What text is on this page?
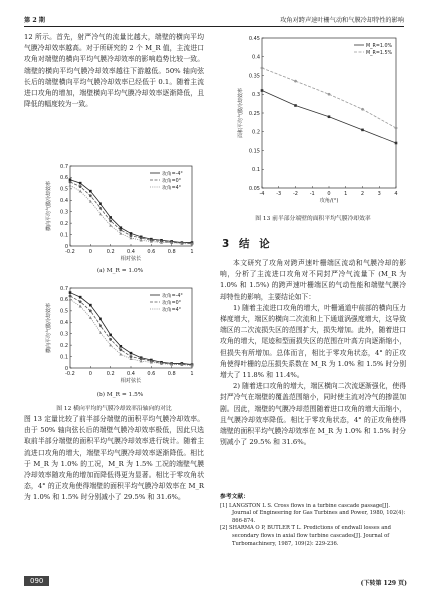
第 2 期	攻角对跨声速叶栅气动和气膜冷却特性的影响
12 所示。首先，射严冷气的流量比越大，端壁的横向平均气膜冷却效率越高。对于所研究的 2 个 M_R 值，主流进口攻角对端壁的横向平均气膜冷却效率的影响趋势比较一致。端壁的横向平均气膜冷却效率越往下游越低。50% 轴向弦长后的端壁横向平均气膜冷却效率已经低于 0.1。随着主流进口攻角的增加，端壁横向平均气膜冷却效率逐渐降低，且降低的幅度较为一致。
-0.2	0	0.2 0.4 0.6 0.8	1
0
0.1
0.2
0.3
0.4
0.5
0.6
0.7
相对弦长
横向平均气膜冷却效率
攻角=-4°
攻角=0°
攻角=4°
(a) M_R = 1.0%
-0.2	0	0.2 0.4 0.6 0.8	1
0
0.1
0.2
0.3
0.4
0.5
0.6
0.7
相对弦长
横向平均气膜冷却效率
攻角=-4°
攻角=0°
攻角=4°
(b) M_R = 1.5%
图 12 横向平均的气膜冷却效率沿轴向的对比
图 13 定量比较了前半部分端壁的面积平均气膜冷却效率。由于 50% 轴向弦长后的端壁气膜冷却效率极低，因此只选取前半部分端壁的面积平均气膜冷却效率进行统计。随着主流进口攻角的增大，端壁平均气膜冷却效率逐渐降低。相比于 M_R 为 1.0% 的工况，M_R 为 1.5% 工况的端壁气膜冷却效率随攻角的增加而降低得更为显著。相比于零攻角状态，4° 的正攻角使得端壁的面积平均气膜冷却效率在 M_R 为 1.0% 和 1.5% 时分别减小了 29.5% 和 31.6%。
-4 -3 -2 -1	0	1	2	3	4
0.05
0.1
0.15
0.2
0.25
0.3
0.35
0.4
0.45
攻角/(°)
面积平均气膜冷却效率
M_R=1.0%
M_R=1.5%
图 13 前半部分端壁的面积平均气膜冷却效率
3 结 论
本文研究了攻角对跨声速叶栅端区流动和气膜冷却的影响，分析了主流进口攻角对不同封严冷气流量下 (M_R 为 1.0% 和 1.5%) 的跨声速叶栅端区的气动性能和端壁气膜冷却特性的影响，主要结论如下：
1) 随着主流进口攻角的增大，叶栅通道中前部的横向压力梯度增大，端区的横向二次流和上下通道涡强度增大，这导致端区的二次流损失区的范围扩大，损失增加。此外，随着进口攻角的增大，尾迹和型面损失区的范围在叶高方向逐渐缩小，但损失有所增加。总体而言，相比于零攻角状态，4° 的正攻角使得叶栅的总压损失系数在 M_R 为 1.0% 和 1.5% 时分别增大了 11.8% 和 11.4%。
2) 随着进口攻角的增大，端区横向二次流逐渐强化，使得封严冷气在端壁的覆盖范围缩小，同时使主流对冷气的掺混加剧。因此，端壁的气膜冷却范围随着进口攻角的增大而缩小，且气膜冷却效率降低。相比于零攻角状态，4° 的正攻角使得端壁的面积平均气膜冷却效率在 M_R 为 1.0% 和 1.5% 时分别减小了 29.5% 和 31.6%。
参考文献：
[1] LANGSTON L S. Cross flows in a turbine cascade passage[J]. Journal of Engineering for Gas Turbines and Power, 1980, 102(4): 866-874.
[2] SHARMA O P, BUTLER T L. Predictions of endwall losses and secondary flows in axial flow turbine cascades[J]. Journal of Turbomachinery, 1987, 109(2): 229-236.
090	(下转第 129 页)
